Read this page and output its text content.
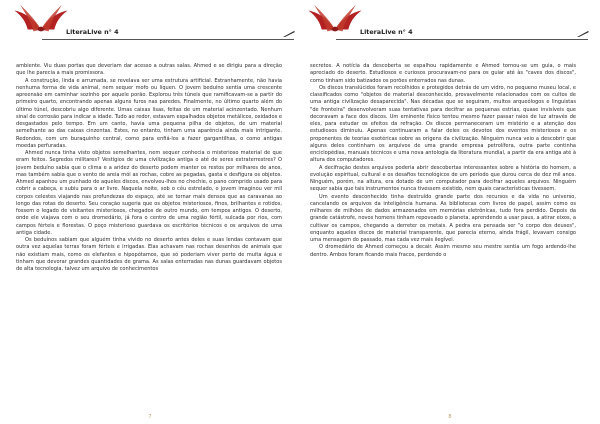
LiteraLive n° 4

ambiente. Viu duas portas que deveriam dar acesso a outras salas. Ahmed e se dirigiu para a direção que lhe parecia a mais promissora.

A construção, linda e arrumada, se revelava ser uma estrutura artificial. Estranhamente, não havia nenhuma forma de vida animal, nem sequer mofo ou líquen. O jovem beduíno sentia uma crescente apreensão em caminhar sozinho por aquele porão. Explorou três túneis que ramificavam-se a partir do primeiro quarto, encontrando apenas alguns furos nas paredes. Finalmente, no último quarto além do último túnel, descobriu algo diferente. Umas caixas lisas, feitas de um material acinzentado. Nenhum sinal de corrosão para indicar a idade. Tudo ao redor, estavam espalhados objetos metálicos, oxidados e desgastados pelo tempo. Em um canto, havia uma pequena pilha de objetos, de um material semelhante ao das caixas cinzentas. Estes, no entanto, tinham uma aparência ainda mais intrigante. Redondos, com um buraquinho central, como para enfiá-los a fazer gargantilhas, o como antigas moedas perfuradas.

Ahmed nunca tinha visto objetos semelhantes, nem sequer conhecia o misterioso material de que eram feitos. Segredos militares? Vestígios de uma civilização antiga o até de seres extraterrestres? O jovem beduíno sabia que o clima e a aridez do deserto podem manter os restos por milhares de anos, mas também sabia que o vento de areia mói as rochas, cobre as pegadas, gasta e desfigura os objetos. Ahmed apanhou um punhado de aqueles discos, envolveu-lhos no chechie, o pano comprido usado para cobrir a cabeça, e subiu para o ar livre. Naquela noite, sob o céu estrelado, o jovem imaginou ver mil corpos celestes viajando nas profundezas do espaço, até se tornar mais densos que as caravanas ao longo das rotas do deserto. Seu coração sugeria que os objetos misteriosos, finos, brilhantes e rotidos, fossem o legado de visitantes misteriosos, chegados de outro mundo, em tempos antigos. O deserto, onde ele viajava com o seu dromedário, já fora o centro de uma região fértil, sulcada por rios, com campos férteis e florestas. O poço misterioso guardava os escritórios técnicos e os arquivos de uma antiga cidade.

Os beduínos sabiam que alguém tinha vivido no deserto antes deles e suas lendas contavam que outra vez aquelas terras foram férteis e irrigadas. Elas achavam nas rochas desenhos de animais que não existiam mais, como os elefantes e hipopótamos, que só poderiam viver perto de muita água e tinham que devorar grandes quantidades de grama. As salas enterradas nas dunas guardavam objetos de alta tecnologia, talvez um arquivo de conhecimentos

7
LiteraLive n° 4

secretos. A notícia da descoberta se espalhou rapidamente e Ahmed tornou-se um guia, o mais apreciado do deserto. Estudiosos e curiosos procuravam-no para os guiar até às "caves dos discos", como tinham sido batizados os porões enterrados nas dunas.

Os discos translúcidos foram recolhidos e protegidos detrás de um vidro, no pequeno museu local, e classificados como "objetos de material desconhecido, provavelmente relacionados com os cultos de uma antiga civilização desaparecida". Nas décadas que se seguiram, muitos arqueólogos e linguistas "de fronteira" desenvolveram suas tentativas para decifrar as pequenas estrias, quase invisíveis que decoravam a face dos discos. Um eminente físico tentou mesmo fazer passar raios de luz através de eles, para estudar os efeitos da refração. Os discos permaneceram um mistério e a atenção dos estudiosos diminuiu. Apenas continuaram a falar deles os devotos dos eventos misteriosos e os proponentes de teorias esotéricas sobre as origens da civilização. Ninguém nunca veio a descobrir que alguns deles continham os arquivos de uma grande empresa petrolífera, outra parte continha enciclopédias, manuais técnicos e uma nova antologia da literatura mundial, a partir da era antiga até à altura dos computadores.

A decifração destes arquivos poderia abrir descobertas interessantes sobre a história do homem, a evolução espiritual, cultural e os desafios tecnológicos de um período que durou cerca de dez mil anos. Ninguém, porém, na altura, era dotado de um computador para decifrar aqueles arquivos. Ninguém sequer sabia que tais instrumentos nunca tivessem existido, nem quais características tivessem.

Um evento desconhecido tinha destruído grande parte dos recursos e da vida no universo, cancelando os arquivos da inteligência humana. As bibliotecas com livros de papel, assim como os milhares de milhões de dados armazenados em memórias eletrônicas, tudo fora perdido. Depois da grande catástrofe, novos homens tinham repovoado o planeta, aprendendo a usar paus, a atirar eixos, a cultivar os campos, chegando a derreter os metais. A pedra era pensada ser "o corpo dos deuses", enquanto aqueles discos de material transparente, que parecia eterno, ainda frágil, levavam consigo uma mensagem do passado, mas cada vez mais ilegível.

O dromedário de Ahmed começou a decair. Assim mesmo seu mestre sentia um fogo ardendo-lhe dentro. Ambos foram ficando mais fracos, perdendo o

8
